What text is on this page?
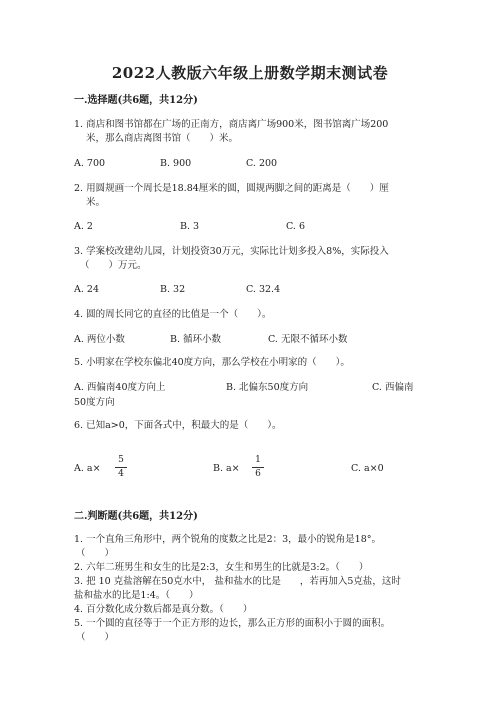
2022人教版六年级上册数学期末测试卷
一.选择题(共6题，共12分)
1. 商店和图书馆都在广场的正南方，商店离广场900米，图书馆离广场200
米，那么商店离图书馆（　　）米。
A. 700	B. 900	C. 200
2. 用圆规画一个周长是18.84厘米的圆，圆规两脚之间的距离是（　　）厘
米。
A. 2	B. 3	C. 6
3. 学案校改建幼儿园，计划投资30万元，实际比计划多投入8%，实际投入
（　　）万元。
A. 24	B. 32	C. 32.4
4. 圆的周长同它的直径的比值是一个（　　）。
A. 两位小数	B. 循环小数	C. 无限不循环小数
5. 小明家在学校东偏北40度方向，那么学校在小明家的（　　）。
A. 西偏南40度方向上	B. 北偏东50度方向	C. 西偏南
50度方向
6. 已知a>0，下面各式中，积最大的是（　　）。
A. a×
5
4	B. a×
1
6	C. a×0
二.判断题(共6题，共12分)
1. 一个直角三角形中，两个锐角的度数之比是2：3，最小的锐角是18°。
（　　）
2. 六年二班男生和女生的比是2:3，女生和男生的比就是3:2。（　　）
3. 把 10 克盐溶解在50克水中， 盐和盐水的比是　　，若再加入5克盐，这时
盐和盐水的比是1:4。（　　）
4. 百分数化成分数后都是真分数。（　　）
5. 一个圆的直径等于一个正方形的边长，那么正方形的面积小于圆的面积。
（　　）
